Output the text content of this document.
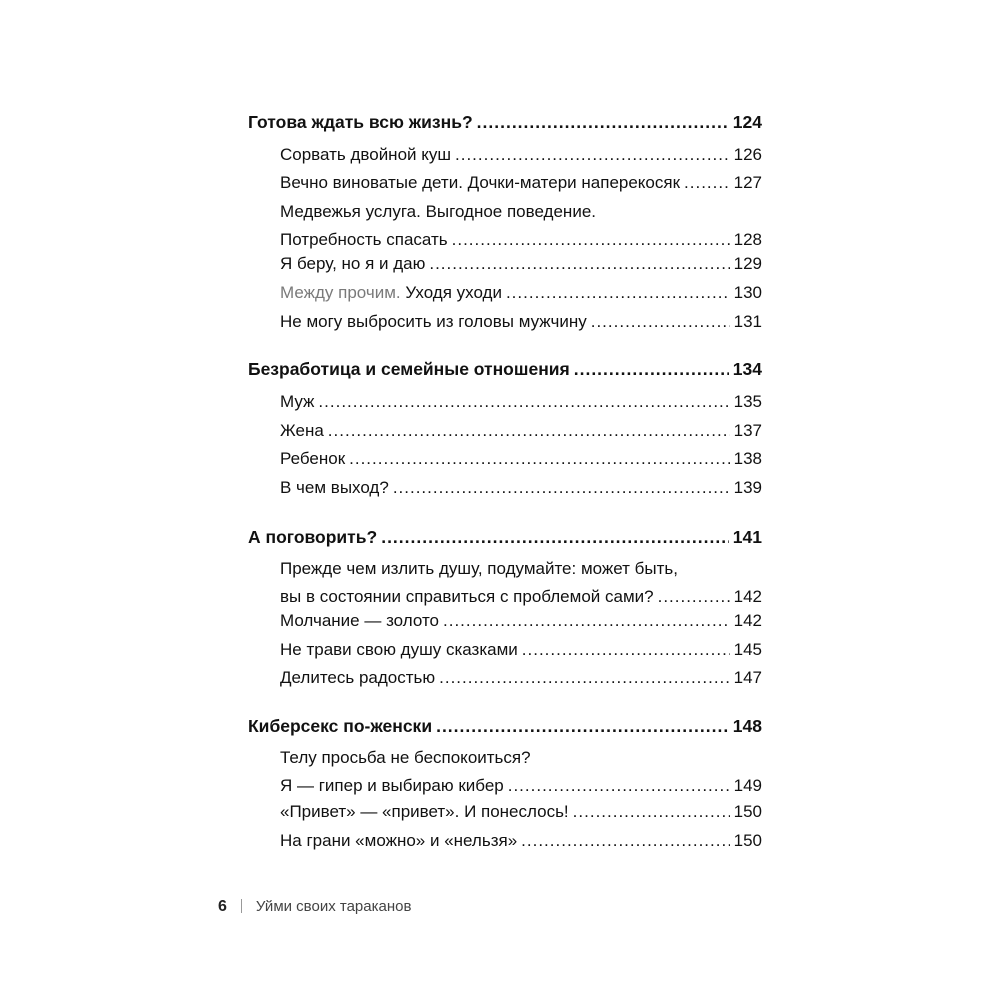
Готова ждать всю жизнь? .....	124
Сорвать двойной куш .....	126
Вечно виноватые дети. Дочки-матери наперекосяк .....	127
Медвежья услуга. Выгодное поведение.
Потребность спасать .....	128
Я беру, но я и даю .....	129
Между прочим. Уходя уходи .....	130
Не могу выбросить из головы мужчину .....	131
Безработица и семейные отношения .....	134
Муж .....	135
Жена .....	137
Ребенок .....	138
В чем выход? .....	139
А поговорить? .....	141
Прежде чем излить душу, подумайте: может быть,
вы в состоянии справиться с проблемой сами? .....	142
Молчание — золото .....	142
Не трави свою душу сказками .....	145
Делитесь радостью .....	147
Киберсекс по-женски .....	148
Телу просьба не беспокоиться?
Я — гипер и выбираю кибер .....	149
«Привет» — «привет». И понеслось! .....	150
На грани «можно» и «нельзя» .....	150
6 Уйми своих тараканов
